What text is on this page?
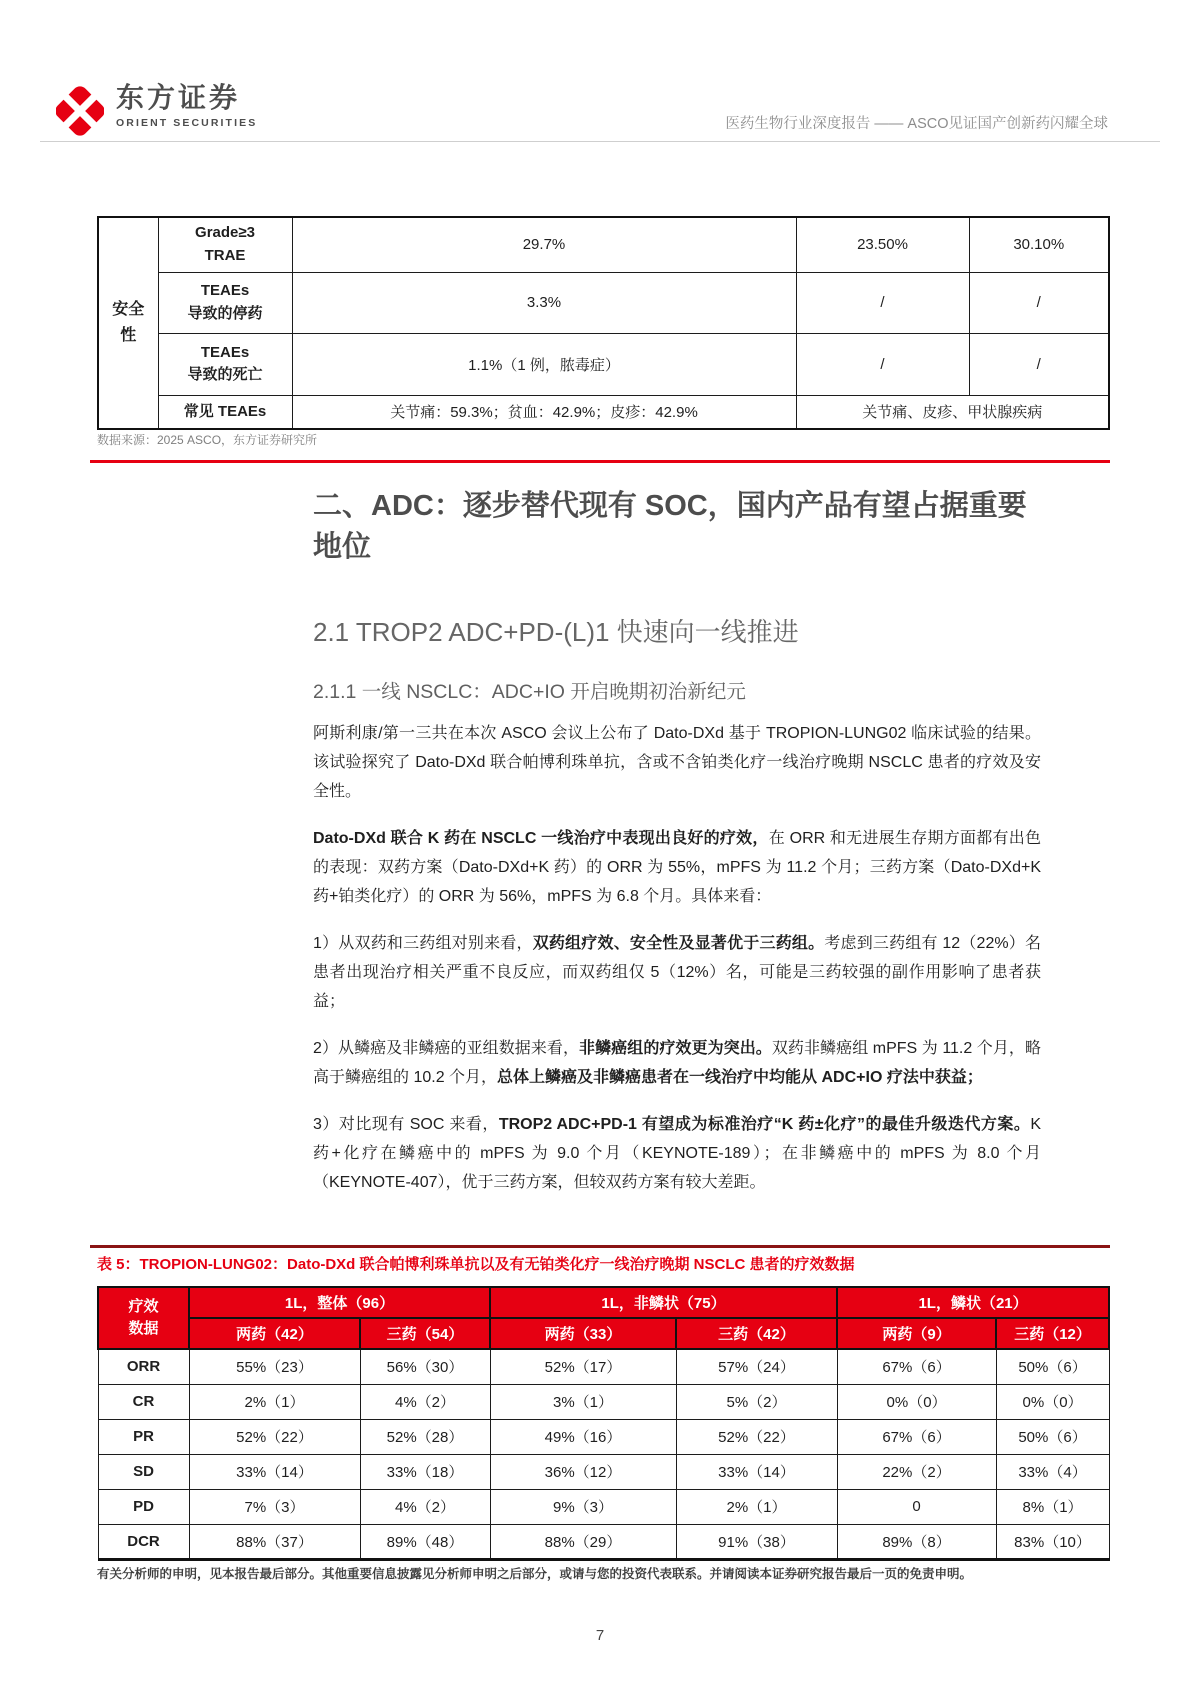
东方证券
ORIENT SECURITIES	医药生物行业深度报告 —— ASCO见证国产创新药闪耀全球
安全
性

Grade≥3
TRAE
	29.7%	23.50%	30.10%

	TEAEs
导致的停药	3.3%	/	/

	TEAEs
导致的死亡	1.1%（1 例，脓毒症）	/	/
	常见 TEAEs	关节痛：59.3%；贫血：42.9%；皮疹：42.9%	关节痛、皮疹、甲状腺疾病	
数据来源：2025 ASCO，东方证券研究所
二、ADC：逐步替代现有 SOC，国内产品有望占据重要地位
2.1 TROP2 ADC+PD-(L)1 快速向一线推进
2.1.1 一线 NSCLC：ADC+IO 开启晚期初治新纪元

阿斯利康/第一三共在本次 ASCO 会议上公布了 Dato-DXd 基于 TROPION-LUNG02 临床试验的结果。该试验探究了 Dato-DXd 联合帕博利珠单抗，含或不含铂类化疗一线治疗晚期 NSCLC 患者的疗效及安全性。

Dato-DXd 联合 K 药在 NSCLC 一线治疗中表现出良好的疗效，在 ORR 和无进展生存期方面都有出色的表现：双药方案（Dato-DXd+K 药）的 ORR 为 55%，mPFS 为 11.2 个月；三药方案（Dato-DXd+K 药+铂类化疗）的 ORR 为 56%，mPFS 为 6.8 个月。具体来看：

1）从双药和三药组对别来看，双药组疗效、安全性及显著优于三药组。考虑到三药组有 12（22%）名患者出现治疗相关严重不良反应，而双药组仅 5（12%）名，可能是三药较强的副作用影响了患者获益；

2）从鳞癌及非鳞癌的亚组数据来看，非鳞癌组的疗效更为突出。双药非鳞癌组 mPFS 为 11.2 个月，略高于鳞癌组的 10.2 个月，总体上鳞癌及非鳞癌患者在一线治疗中均能从 ADC+IO 疗法中获益；

3）对比现有 SOC 来看，TROP2 ADC+PD-1 有望成为标准治疗“K 药±化疗”的最佳升级迭代方案。K 药+化疗在鳞癌中的 mPFS 为 9.0 个月（KEYNOTE-189）；在非鳞癌中的 mPFS 为 8.0 个月（KEYNOTE-407），优于三药方案，但较双药方案有较大差距。

表 5：TROPION-LUNG02：Dato-DXd 联合帕博利珠单抗以及有无铂类化疗一线治疗晚期 NSCLC 患者的疗效数据
疗效
数据	1L，整体（96）		1L，非鳞状（75）		1L，鳞状（21）	
	两药（42）	三药（54）	两药（33）	三药（42）	两药（9）	三药（12）
ORR	55%（23）	56%（30）	52%（17）	57%（24）	67%（6）	50%（6）
CR	2%（1）	4%（2）	3%（1）	5%（2）	0%（0）	0%（0）
PR	52%（22）	52%（28）	49%（16）	52%（22）	67%（6）	50%（6）
SD	33%（14）	33%（18）	36%（12）	33%（14）	22%（2）	33%（4）
PD	7%（3）	4%（2）	9%（3）	2%（1）	0	8%（1）
DCR	88%（37）	89%（48）	88%（29）	91%（38）	89%（8）	83%（10）
有关分析师的申明，见本报告最后部分。其他重要信息披露见分析师申明之后部分，或请与您的投资代表联系。并请阅读本证券研究报告最后一页的免责申明。
7
